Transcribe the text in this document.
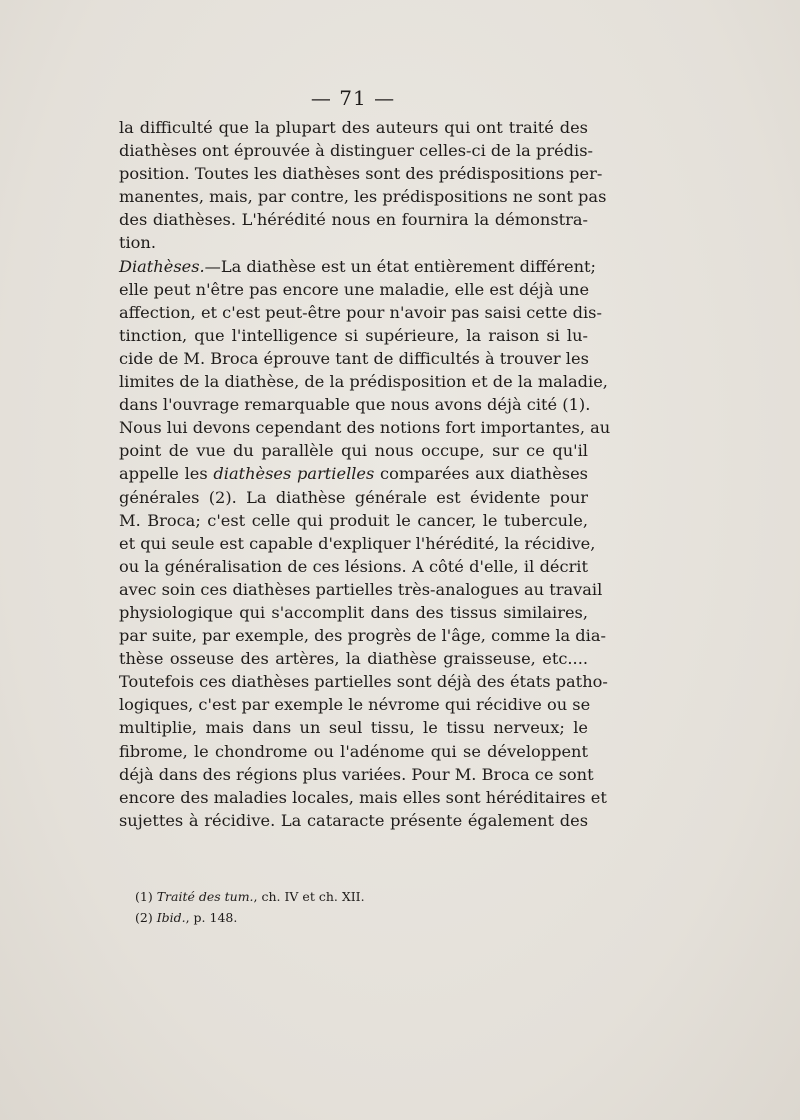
— 71 —
la difficulté que la plupart des auteurs qui ont traité des
diathèses ont éprouvée à distinguer celles-ci de la prédis-
position. Toutes les diathèses sont des prédispositions per-
manentes, mais, par contre, les prédispositions ne sont pas
des diathèses. L'hérédité nous en fournira la démonstra-
tion.
Diathèses.—La diathèse est un état entièrement différent;
elle peut n'être pas encore une maladie, elle est déjà une
affection, et c'est peut-être pour n'avoir pas saisi cette dis-
tinction, que l'intelligence si supérieure, la raison si lu-
cide de M. Broca éprouve tant de difficultés à trouver les
limites de la diathèse, de la prédisposition et de la maladie,
dans l'ouvrage remarquable que nous avons déjà cité (1).
Nous lui devons cependant des notions fort importantes, au
point de vue du parallèle qui nous occupe, sur ce qu'il
appelle les diathèses partielles comparées aux diathèses
générales (2). La diathèse générale est évidente pour
M. Broca; c'est celle qui produit le cancer, le tubercule,
et qui seule est capable d'expliquer l'hérédité, la récidive,
ou la généralisation de ces lésions. A côté d'elle, il décrit
avec soin ces diathèses partielles très-analogues au travail
physiologique qui s'accomplit dans des tissus similaires,
par suite, par exemple, des progrès de l'âge, comme la dia-
thèse osseuse des artères, la diathèse graisseuse, etc....
Toutefois ces diathèses partielles sont déjà des états patho-
logiques, c'est par exemple le névrome qui récidive ou se
multiplie, mais dans un seul tissu, le tissu nerveux; le
fibrome, le chondrome ou l'adénome qui se développent
déjà dans des régions plus variées. Pour M. Broca ce sont
encore des maladies locales, mais elles sont héréditaires et
sujettes à récidive. La cataracte présente également des
(1) Traité des tum., ch. IV et ch. XII.
(2) Ibid., p. 148.
